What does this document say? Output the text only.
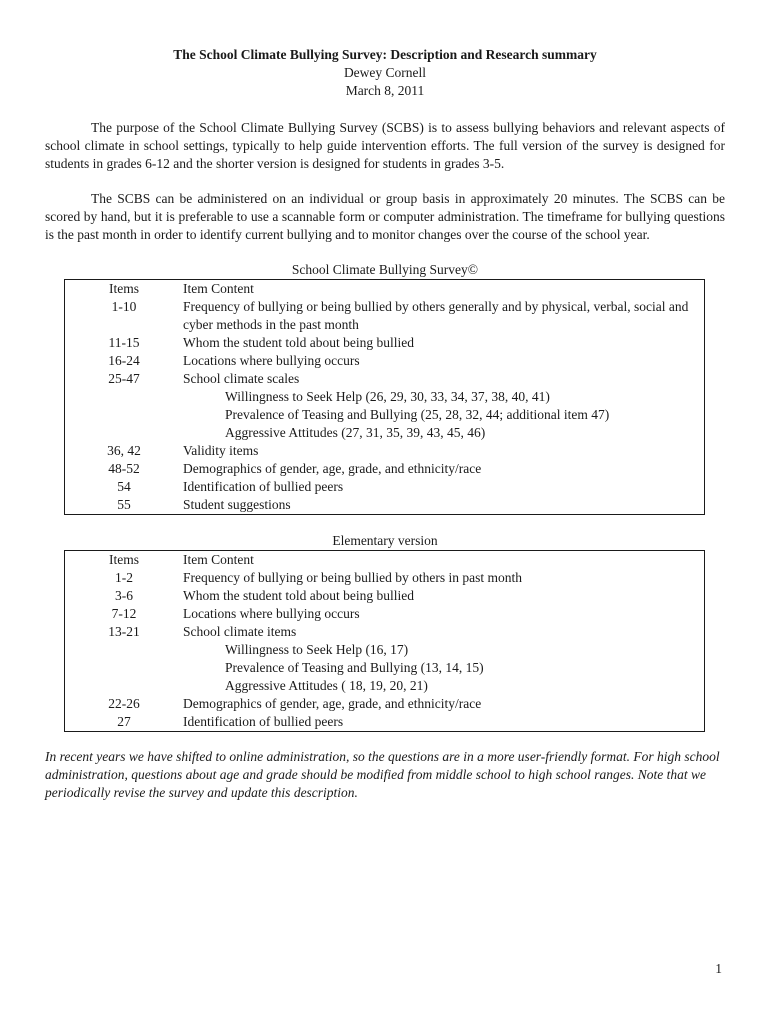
The School Climate Bullying Survey: Description and Research summary
Dewey Cornell
March 8, 2011

The purpose of the School Climate Bullying Survey (SCBS) is to assess bullying behaviors and relevant aspects of school climate in school settings, typically to help guide intervention efforts. The full version of the survey is designed for students in grades 6-12 and the shorter version is designed for students in grades 3-5.

The SCBS can be administered on an individual or group basis in approximately 20 minutes. The SCBS can be scored by hand, but it is preferable to use a scannable form or computer administration. The timeframe for bullying questions is the past month in order to identify current bullying and to monitor changes over the course of the school year.

School Climate Bullying Survey©
Items	Item Content
1-10	Frequency of bullying or being bullied by others generally and by physical, verbal, social and cyber methods in the past month
11-15	Whom the student told about being bullied
16-24	Locations where bullying occurs
25-47	School climate scales
	Willingness to Seek Help (26, 29, 30, 33, 34, 37, 38, 40, 41)
	Prevalence of Teasing and Bullying (25, 28, 32, 44; additional item 47)
	Aggressive Attitudes (27, 31, 35, 39, 43, 45, 46)
36, 42	Validity items
48-52	Demographics of gender, age, grade, and ethnicity/race
54	Identification of bullied peers
55	Student suggestions
Elementary version
Items	Item Content
1-2	Frequency of bullying or being bullied by others in past month
3-6	Whom the student told about being bullied
7-12	Locations where bullying occurs
13-21	School climate items
	Willingness to Seek Help (16, 17)
	Prevalence of Teasing and Bullying (13, 14, 15)
	Aggressive Attitudes ( 18, 19, 20, 21)
22-26	Demographics of gender, age, grade, and ethnicity/race
27	Identification of bullied peers
In recent years we have shifted to online administration, so the questions are in a more user-friendly format. For high school administration, questions about age and grade should be modified from middle school to high school ranges. Note that we periodically revise the survey and update this description.
1
